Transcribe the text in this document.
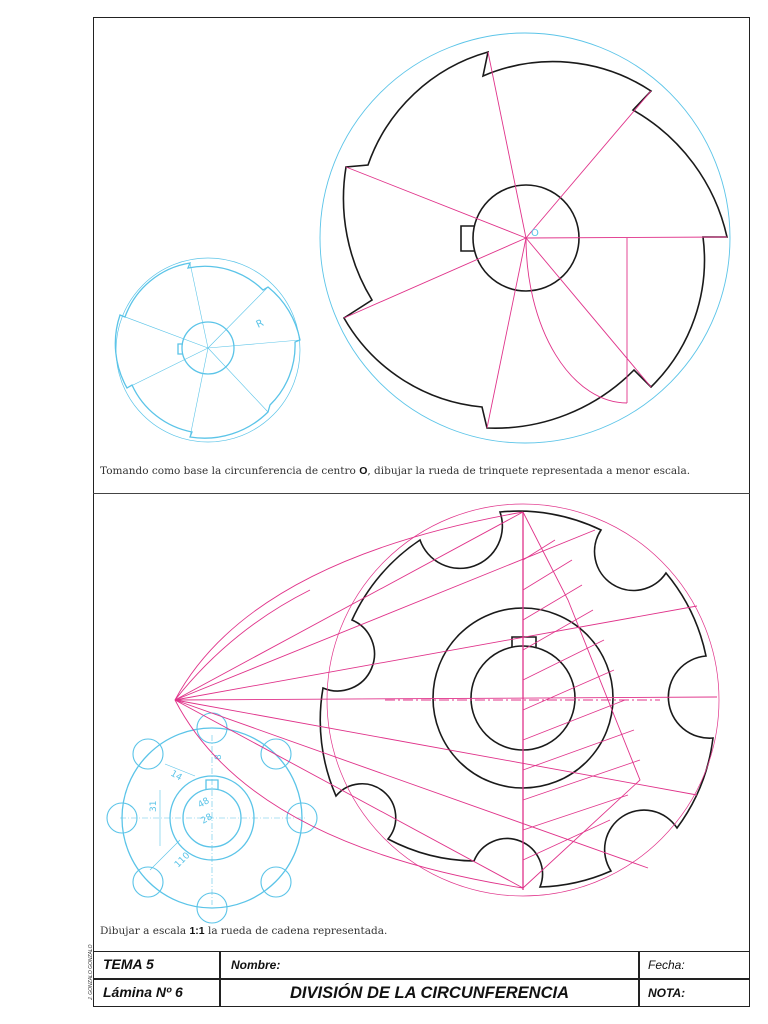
R
O
14
31	48
28
110
8
Tomando como base la circunferencia de centro O, dibujar la rueda de trinquete representada a menor escala.
Dibujar a escala 1:1 la rueda de cadena representada.
TEMA 5
Lámina Nº 6
Nombre:
DIVISIÓN DE LA CIRCUNFERENCIA
Fecha:
NOTA:
J. GONZALO GONZALO
